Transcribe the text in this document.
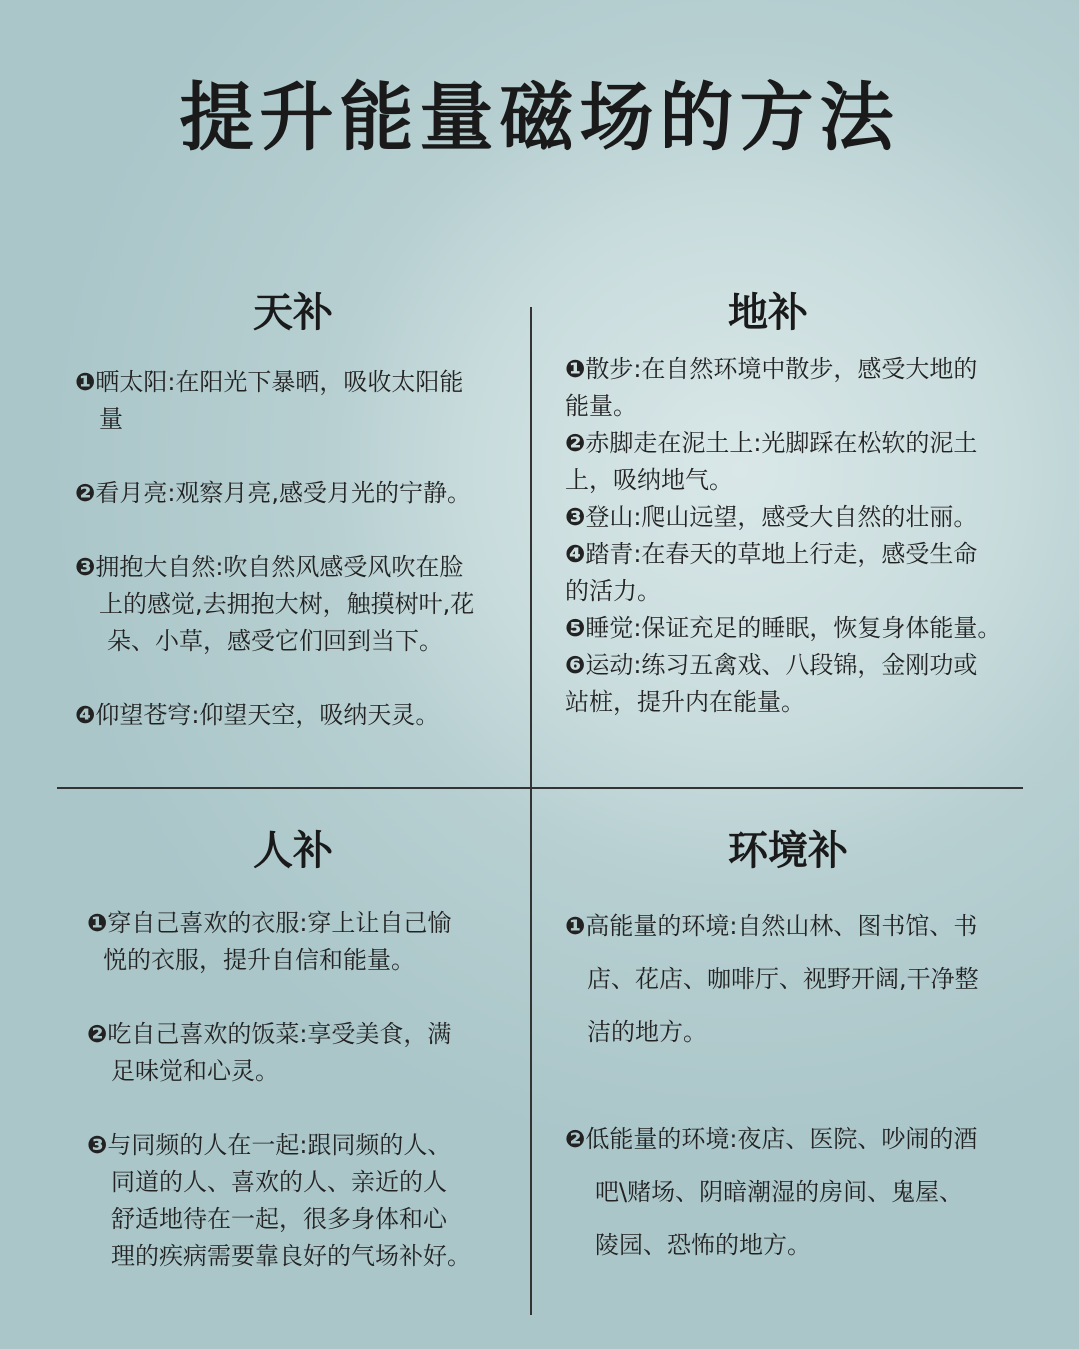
提升能量磁场的方法
天补
❶晒太阳:在阳光下暴晒，吸收太阳能
量
❷看月亮:观察月亮,感受月光的宁静。
❸拥抱大自然:吹自然风感受风吹在脸
上的感觉,去拥抱大树，触摸树叶,花
朵、小草，感受它们回到当下。
❹仰望苍穹:仰望天空，吸纳天灵。
地补
❶散步:在自然环境中散步，感受大地的
能量。
❷赤脚走在泥土上:光脚踩在松软的泥土
上，吸纳地气。
❸登山:爬山远望，感受大自然的壮丽。
❹踏青:在春天的草地上行走，感受生命
的活力。
❺睡觉:保证充足的睡眠，恢复身体能量。
❻运动:练习五禽戏、八段锦，金刚功或
站桩，提升内在能量。
人补
❶穿自己喜欢的衣服:穿上让自己愉
悦的衣服，提升自信和能量。
❷吃自己喜欢的饭菜:享受美食，满
足味觉和心灵。
❸与同频的人在一起:跟同频的人、
同道的人、喜欢的人、亲近的人
舒适地待在一起，很多身体和心
理的疾病需要靠良好的气场补好。
环境补
❶高能量的环境:自然山林、图书馆、书
店、花店、咖啡厅、视野开阔,干净整
洁的地方。
❷低能量的环境:夜店、医院、吵闹的酒
吧\赌场、阴暗潮湿的房间、鬼屋、
陵园、恐怖的地方。
